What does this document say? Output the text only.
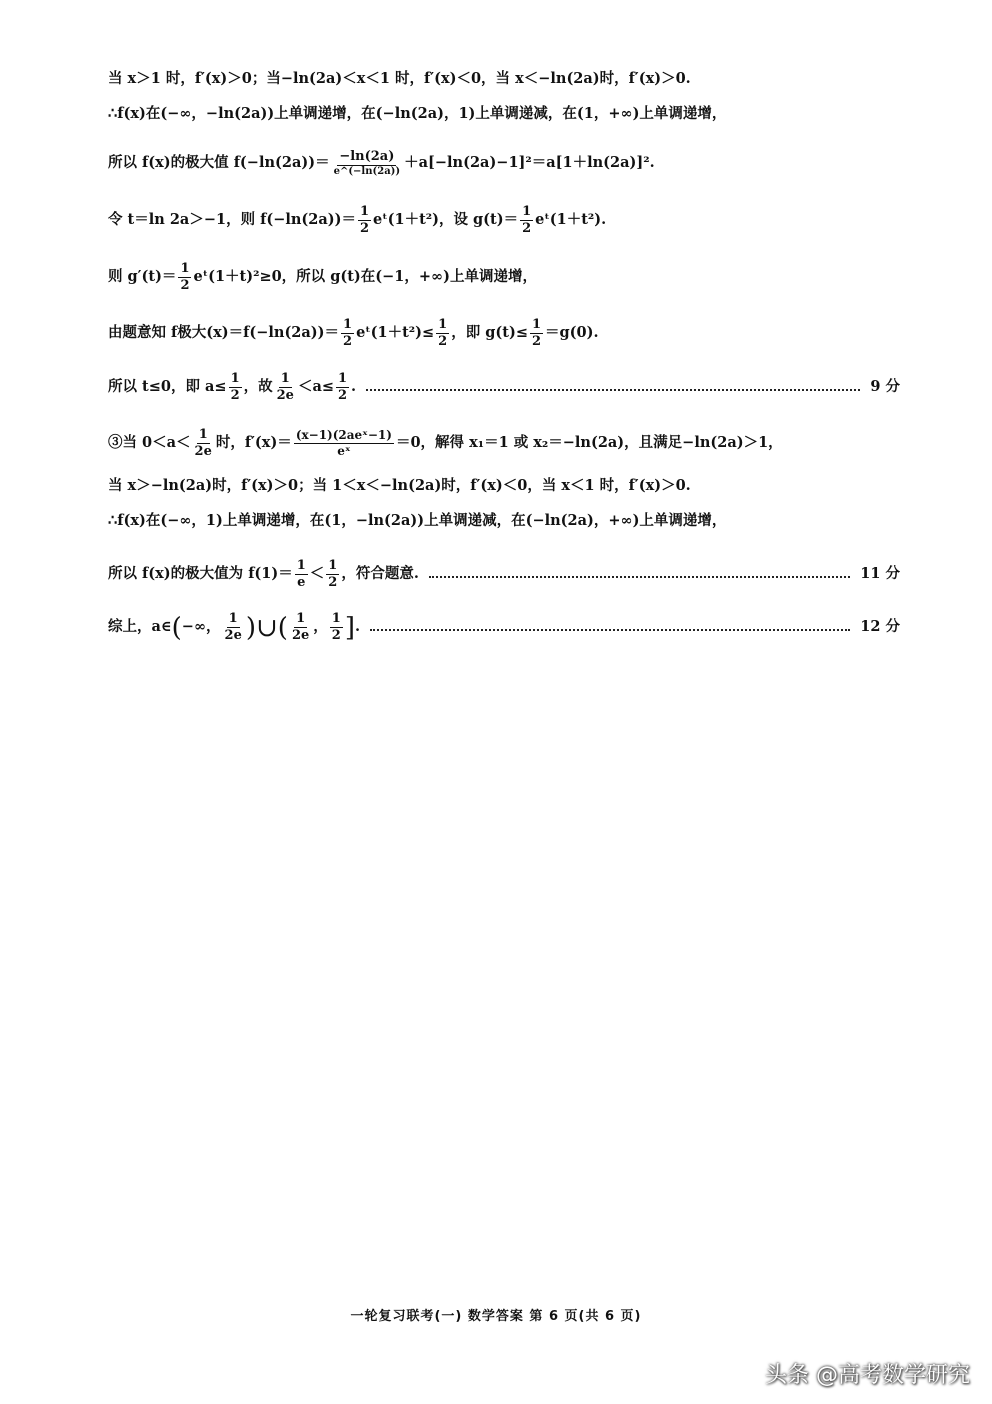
当 x＞1 时，f′(x)＞0；当−ln(2a)＜x＜1 时，f′(x)＜0，当 x＜−ln(2a)时，f′(x)＞0.
∴f(x)在(−∞，−ln(2a))上单调递增，在(−ln(2a)，1)上单调递减，在(1，+∞)上单调递增，
所以 f(x)的极大值 $f(-\ln(2a))= \frac{-\ln(2a)}{e\^{}(-\ln(2a))} +a[-\ln(2a)-1]^2=a[1+\ln(2a)]^2$.
令 t＝ln 2a＞−1，则 $f(-\ln(2a))= \frac{1}{2}$ eᵗ(1＋t²)，设 $g(t)= \frac{1}{2}$ eᵗ(1＋t²).
则 $g'(t)= \frac{1}{2}$ eᵗ(1＋t)²≥0，所以 g(t)在(−1，+∞)上单调递增，
由题意知 f极大$(x)=f(-\ln(2a))= \frac{1}{2}$ eᵗ(1＋t²)≤ $\frac{1}{2}$ ，即 $g(t)\le \frac{1}{2} =g(0)$.
所以 t≤0，即 $a\le \frac{1}{2}$ ，故 $\frac{1}{2e} <a\le \frac{1}{2}$ .	9 分
③当 $0<a< \frac{1}{2e}$ 时，$f'(x)= \frac{\text{(x−1)(2aeˣ−1)}}{\text{eˣ}} =0$，解得 x₁＝1 或 x₂＝−ln(2a)，且满足−ln(2a)＞1，
当 x＞−ln(2a)时，f′(x)＞0；当 1＜x＜−ln(2a)时，f′(x)＜0，当 x＜1 时，f′(x)＞0.
∴f(x)在(−∞，1)上单调递增，在(1，−ln(2a))上单调递减，在(−ln(2a)，+∞)上单调递增，
所以 f(x)的极大值为 $f(1)= \frac{1}{e} < \frac{1}{2}$ ，符合题意.	11 分
综上，a∈ ( −∞， $\frac{1}{2e}$ )∪( $\frac{1}{2e}$ ， $\frac{1}{2}$ ] .	12 分
一轮复习联考(一) 数学答案 第 6 页(共 6 页)
头条 @高考数学研究
